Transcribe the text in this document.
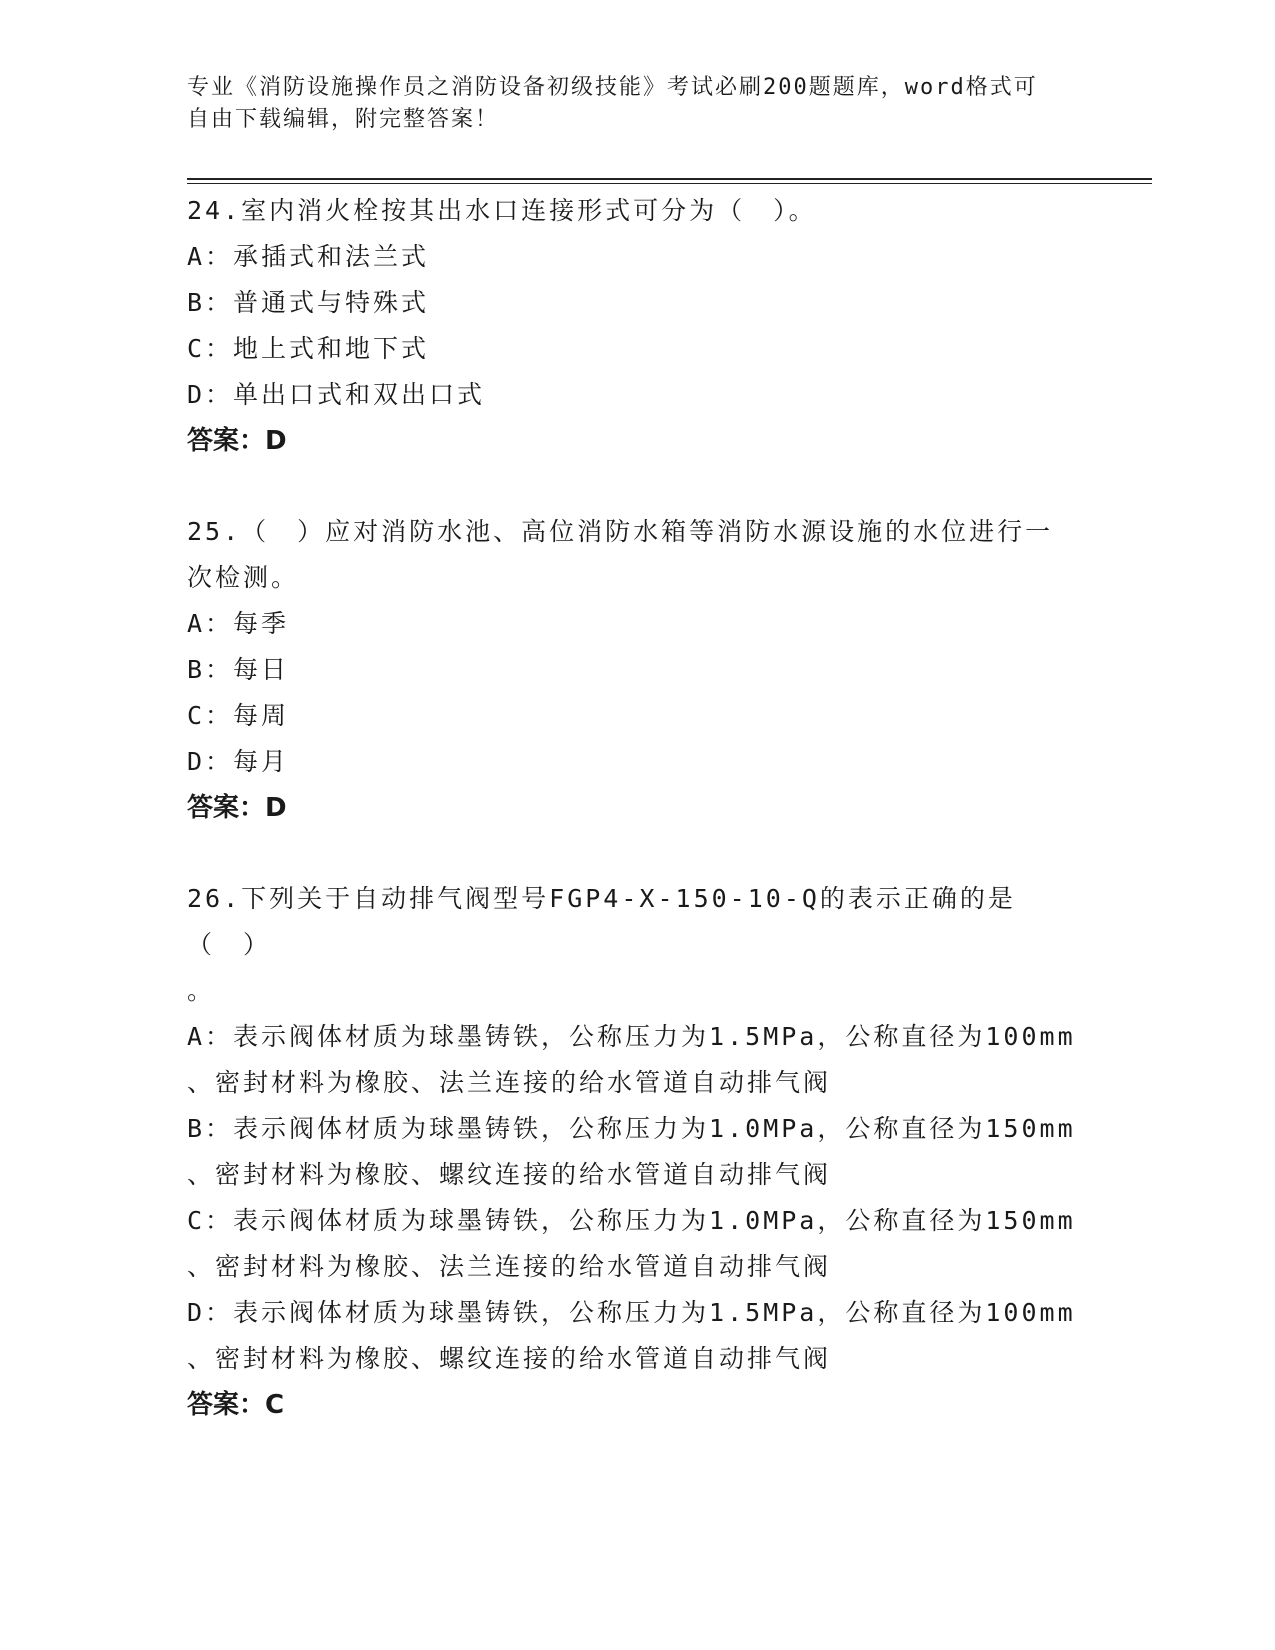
专业《消防设施操作员之消防设备初级技能》考试必刷200题题库，word格式可
自由下载编辑，附完整答案！

24.室内消火栓按其出水口连接形式可分为（　）。

A：承插式和法兰式

B：普通式与特殊式

C：地上式和地下式

D：单出口式和双出口式

答案：D

25.（　）应对消防水池、高位消防水箱等消防水源设施的水位进行一

次检测。

A：每季

B：每日

C：每周

D：每月

答案：D

26.下列关于自动排气阀型号FGP4-X-150-10-Q的表示正确的是（　）

。

A：表示阀体材质为球墨铸铁，公称压力为1.5MPa，公称直径为100mm

、密封材料为橡胶、法兰连接的给水管道自动排气阀

B：表示阀体材质为球墨铸铁，公称压力为1.0MPa，公称直径为150mm

、密封材料为橡胶、螺纹连接的给水管道自动排气阀

C：表示阀体材质为球墨铸铁，公称压力为1.0MPa，公称直径为150mm

、密封材料为橡胶、法兰连接的给水管道自动排气阀

D：表示阀体材质为球墨铸铁，公称压力为1.5MPa，公称直径为100mm

、密封材料为橡胶、螺纹连接的给水管道自动排气阀

答案：C
